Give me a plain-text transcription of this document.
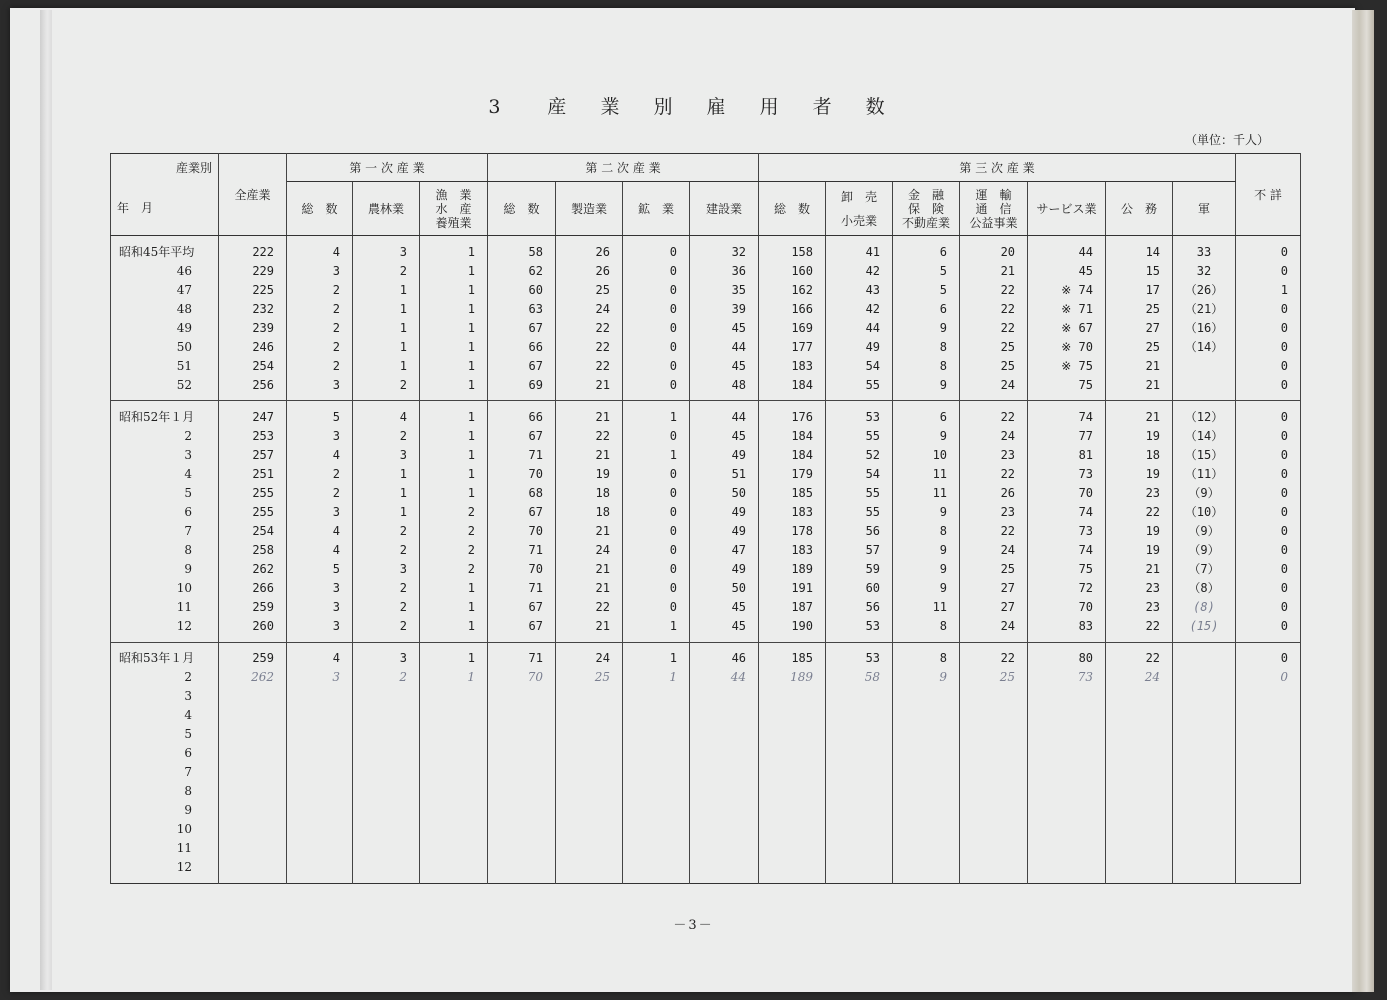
3　産 業 別 雇 用 者 数
（単位：千人）
産業別	全産業	第 一 次 産 業			第 二 次 産 業				第 三 次 産 業							不 詳
年　月		総　数	農林業	漁　業
水　産
養殖業	総　数	製造業	鉱　業	建設業	総　数	卸　売
小売業	金　融
保　険
不動産業	運　輸
通　信
公益事業	サービス業	公　務	軍	

昭和45年平均	222	4	3	1	58	26	0	32	158	41	6	20	44	14	33	0
46	229	3	2	1	62	26	0	36	160	42	5	21	45	15	32	0
47	225	2	1	1	60	25	0	35	162	43	5	22	※ 74	17	（26）	1
48	232	2	1	1	63	24	0	39	166	42	6	22	※ 71	25	（21）	0
49	239	2	1	1	67	22	0	45	169	44	9	22	※ 67	27	（16）	0
50	246	2	1	1	66	22	0	44	177	49	8	25	※ 70	25	（14）	0
51	254	2	1	1	67	22	0	45	183	54	8	25	※ 75	21		0
52	256	3	2	1	69	21	0	48	184	55	9	24	75	21		0

昭和52年１月	247	5	4	1	66	21	1	44	176	53	6	22	74	21	（12）	0
2	253	3	2	1	67	22	0	45	184	55	9	24	77	19	（14）	0
3	257	4	3	1	71	21	1	49	184	52	10	23	81	18	（15）	0
4	251	2	1	1	70	19	0	51	179	54	11	22	73	19	（11）	0
5	255	2	1	1	68	18	0	50	185	55	11	26	70	23	（9）	0
6	255	3	1	2	67	18	0	49	183	55	9	23	74	22	（10）	0
7	254	4	2	2	70	21	0	49	178	56	8	22	73	19	（9）	0
8	258	4	2	2	71	24	0	47	183	57	9	24	74	19	（9）	0
9	262	5	3	2	70	21	0	49	189	59	9	25	75	21	（7）	0
10	266	3	2	1	71	21	0	50	191	60	9	27	72	23	（8）	0
11	259	3	2	1	67	22	0	45	187	56	11	27	70	23	(8)	0
12	260	3	2	1	67	21	1	45	190	53	8	24	83	22	(15)	0

昭和53年１月	259	4	3	1	71	24	1	46	185	53	8	22	80	22		0
2	262	3	2	1	70	25	1	44	189	58	9	25	73	24		0
3																
4																
5																
6																
7																
8																
9																
10																
11																
12																

－3－
